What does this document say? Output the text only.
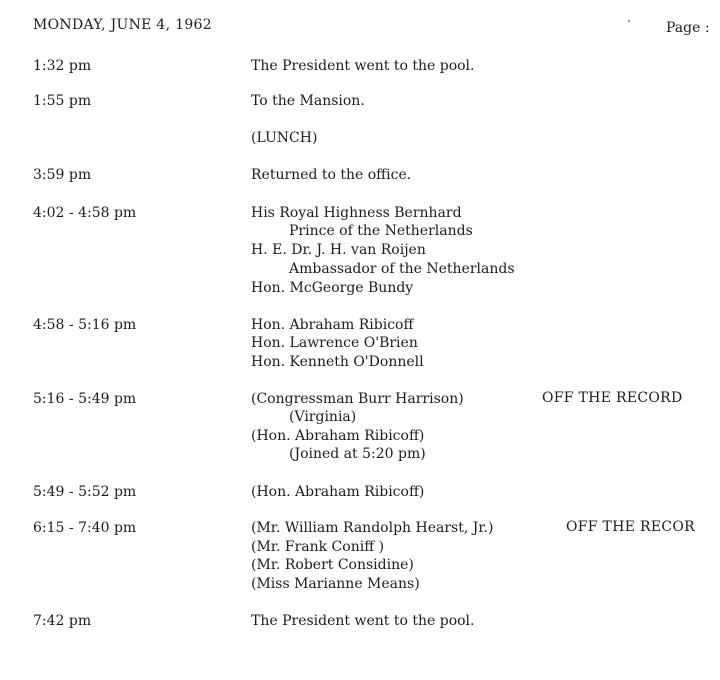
MONDAY, JUNE 4, 1962	Page :
1:32 pm	The President went to the pool.
1:55 pm	To the Mansion.
(LUNCH)
3:59 pm	Returned to the office.
4:02 - 4:58 pm	His Royal Highness Bernhard
Prince of the Netherlands
H. E. Dr. J. H. van Roijen
Ambassador of the Netherlands
Hon. McGeorge Bundy
4:58 - 5:16 pm	Hon. Abraham Ribicoff
Hon. Lawrence O'Brien
Hon. Kenneth O'Donnell
5:16 - 5:49 pm	(Congressman Burr Harrison)
(Virginia)
(Hon. Abraham Ribicoff)
(Joined at 5:20 pm)
OFF THE RECORD
5:49 - 5:52 pm	(Hon. Abraham Ribicoff)
6:15 - 7:40 pm	(Mr. William Randolph Hearst, Jr.)
(Mr. Frank Coniff )
(Mr. Robert Considine)
(Miss Marianne Means)
OFF THE RECOR
7:42 pm	The President went to the pool.
